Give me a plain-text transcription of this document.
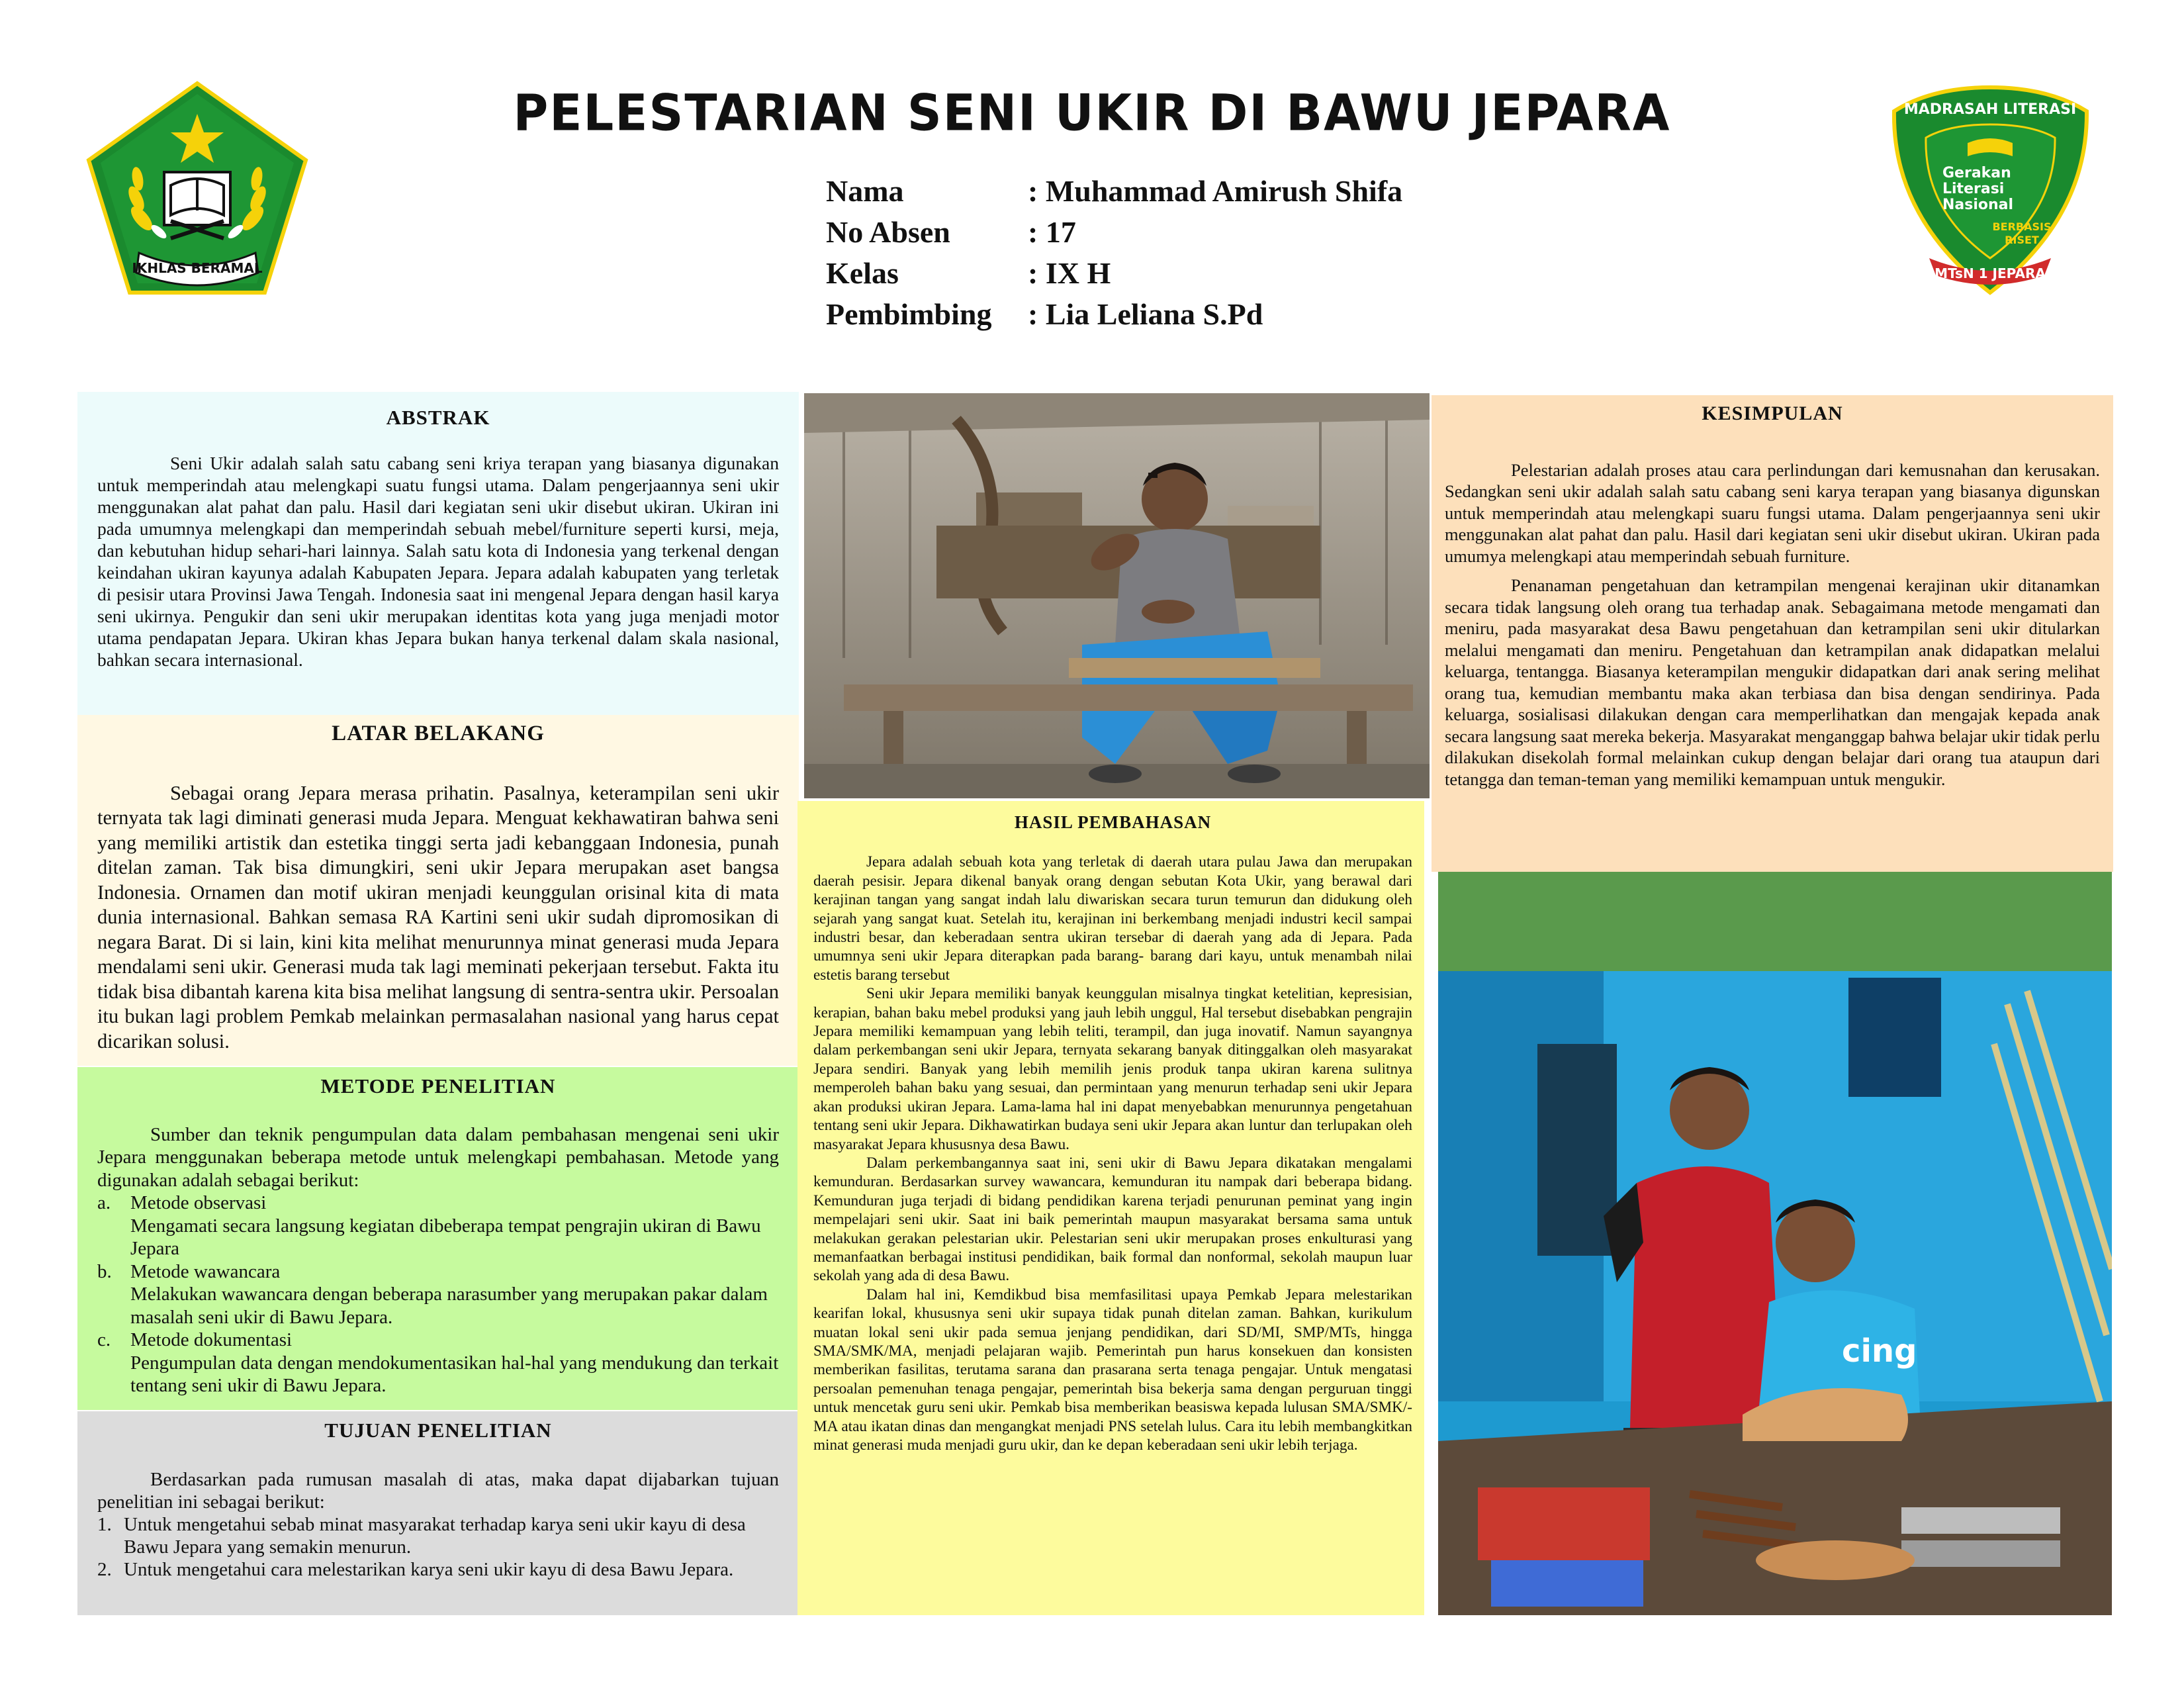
PELESTARIAN SENI UKIR DI BAWU JEPARA
IKHLAS BERAMAL
MADRASAH LITERASI
Gerakan
Literasi
Nasional
BERBASIS
RISET
MTsN 1 JEPARA
Nama	: Muhammad Amirush Shifa
No Absen	: 17
Kelas	: IX H
Pembimbing	: Lia Leliana S.Pd
ABSTRAK

Seni Ukir adalah salah satu cabang seni kriya terapan yang biasanya digunakan untuk memperindah atau melengkapi suatu fungsi utama. Dalam pengerjaannya seni ukir menggunakan alat pahat dan palu. Hasil dari kegiatan seni ukir disebut ukiran. Ukiran ini pada umumnya melengkapi dan memperindah sebuah mebel/furniture seperti kursi, meja, dan kebutuhan hidup sehari-hari lainnya. Salah satu kota di Indonesia yang terkenal dengan keindahan ukiran kayunya adalah Kabupaten Jepara. Jepara adalah kabupaten yang terletak di pesisir utara Provinsi Jawa Tengah. Indonesia saat ini mengenal Jepara dengan hasil karya seni ukirnya. Pengukir dan seni ukir merupakan identitas kota yang juga menjadi motor utama pendapatan Jepara. Ukiran khas Jepara bukan hanya terkenal dalam skala nasional, bahkan secara internasional.

LATAR BELAKANG

Sebagai orang Jepara merasa prihatin. Pasalnya, keterampilan seni ukir ternyata tak lagi diminati generasi muda Jepara. Menguat kekhawatiran bahwa seni yang memiliki artistik dan estetika tinggi serta jadi kebanggaan Indonesia, punah ditelan zaman. Tak bisa dimungkiri, seni ukir Jepara merupakan aset bangsa Indonesia. Ornamen dan motif ukiran menjadi keunggulan orisinal kita di mata dunia internasional. Bahkan semasa RA Kartini seni ukir sudah dipromosikan di negara Barat. Di si lain, kini kita melihat menurunnya minat generasi muda Jepara mendalami seni ukir. Generasi muda tak lagi meminati pekerjaan tersebut. Fakta itu tidak bisa dibantah karena kita bisa melihat langsung di sentra-sentra ukir. Persoalan itu bukan lagi problem Pemkab melainkan permasalahan nasional yang harus cepat dicarikan solusi.

METODE PENELITIAN

Sumber dan teknik pengumpulan data dalam pembahasan mengenai seni ukir Jepara menggunakan beberapa metode untuk melengkapi pembahasan. Metode yang digunakan adalah sebagai berikut:

a.	Metode observasi
Mengamati secara langsung kegiatan dibeberapa tempat pengrajin ukiran di Bawu Jepara
b. Metode wawancara
Melakukan wawancara dengan beberapa narasumber yang merupakan pakar dalam masalah seni ukir di Bawu Jepara.
c.	Metode dokumentasi
Pengumpulan data dengan mendokumentasikan hal-hal yang mendukung dan terkait tentang seni ukir di Bawu Jepara.
TUJUAN PENELITIAN

Berdasarkan pada rumusan masalah di atas, maka dapat dijabarkan tujuan penelitian ini sebagai berikut:

1. Untuk mengetahui sebab minat masyarakat terhadap karya seni ukir kayu di desa Bawu Jepara yang semakin menurun.
2. Untuk mengetahui cara melestarikan karya seni ukir kayu di desa Bawu Jepara.
HASIL PEMBAHASAN

Jepara adalah sebuah kota yang terletak di daerah utara pulau Jawa dan merupakan daerah pesisir. Jepara dikenal banyak orang dengan sebutan Kota Ukir, yang berawal dari kerajinan tangan yang sangat indah lalu diwariskan secara turun temurun dan didukung oleh sejarah yang sangat kuat. Setelah itu, kerajinan ini berkembang menjadi industri kecil sampai industri besar, dan keberadaan sentra ukiran tersebar di daerah yang ada di Jepara. Pada umumnya seni ukir Jepara diterapkan pada barang- barang dari kayu, untuk menambah nilai estetis barang tersebut

Seni ukir Jepara memiliki banyak keunggulan misalnya tingkat ketelitian, kepresisian, kerapian, bahan baku mebel produksi yang jauh lebih unggul, Hal tersebut disebabkan pengrajin Jepara memiliki kemampuan yang lebih teliti, terampil, dan juga inovatif. Namun sayangnya dalam perkembangan seni ukir Jepara, ternyata sekarang banyak ditinggalkan oleh masyarakat Jepara sendiri. Banyak yang lebih memilih jenis produk tanpa ukiran karena sulitnya memperoleh bahan baku yang sesuai, dan permintaan yang menurun terhadap seni ukir Jepara akan produksi ukiran Jepara. Lama-lama hal ini dapat menyebabkan menurunnya pengetahuan tentang seni ukir Jepara. Dikhawatirkan budaya seni ukir Jepara akan luntur dan terlupakan oleh masyarakat Jepara khususnya desa Bawu.

Dalam perkembangannya saat ini, seni ukir di Bawu Jepara dikatakan mengalami kemunduran. Berdasarkan survey wawancara, kemunduran itu nampak dari beberapa bidang. Kemunduran juga terjadi di bidang pendidikan karena terjadi penurunan peminat yang ingin mempelajari seni ukir. Saat ini baik pemerintah maupun masyarakat bersama sama untuk melakukan gerakan pelestarian ukir. Pelestarian seni ukir merupakan proses enkulturasi yang memanfaatkan berbagai institusi pendidikan, baik formal dan nonformal, sekolah maupun luar sekolah yang ada di desa Bawu.

Dalam hal ini, Kemdikbud bisa memfasilitasi upaya Pemkab Jepara melestarikan kearifan lokal, khususnya seni ukir supaya tidak punah ditelan zaman. Bahkan, kurikulum muatan lokal seni ukir pada semua jenjang pendidikan, dari SD/MI, SMP/MTs, hingga SMA/SMK/MA, menjadi pelajaran wajib. Pemerintah pun harus konsekuen dan konsisten memberikan fasilitas, terutama sarana dan prasarana serta tenaga pengajar. Untuk mengatasi persoalan pemenuhan tenaga pengajar, pemerintah bisa bekerja sama dengan perguruan tinggi untuk mencetak guru seni ukir. Pemkab bisa memberikan beasiswa kepada lulusan SMA/SMK/- MA atau ikatan dinas dan mengangkat menjadi PNS setelah lulus. Cara itu lebih membangkitkan minat generasi muda menjadi guru ukir, dan ke depan keberadaan seni ukir lebih terjaga.

KESIMPULAN

Pelestarian adalah proses atau cara perlindungan dari kemusnahan dan kerusakan. Sedangkan seni ukir adalah salah satu cabang seni karya terapan yang biasanya digunskan untuk memperindah atau melengkapi suaru fungsi utama. Dalam pengerjaannya seni ukir menggunakan alat pahat dan palu. Hasil dari kegiatan seni ukir disebut ukiran. Ukiran pada umumya melengkapi atau memperindah sebuah furniture.

Penanaman pengetahuan dan ketrampilan mengenai kerajinan ukir ditanamkan secara tidak langsung oleh orang tua terhadap anak. Sebagaimana metode mengamati dan meniru, pada masyarakat desa Bawu pengetahuan dan ketrampilan seni ukir ditularkan melalui mengamati dan meniru. Pengetahuan dan ketrampilan anak didapatkan melalui keluarga, tentangga. Biasanya keterampilan mengukir didapatkan dari anak sering melihat orang tua, kemudian membantu maka akan terbiasa dan bisa dengan sendirinya. Pada keluarga, sosialisasi dilakukan dengan cara memperlihatkan dan mengajak kepada anak secara langsung saat mereka bekerja. Masyarakat menganggap bahwa belajar ukir tidak perlu dilakukan disekolah formal melainkan cukup dengan belajar dari orang tua ataupun dari tetangga dan teman-teman yang memiliki kemampuan untuk mengukir.

cing
